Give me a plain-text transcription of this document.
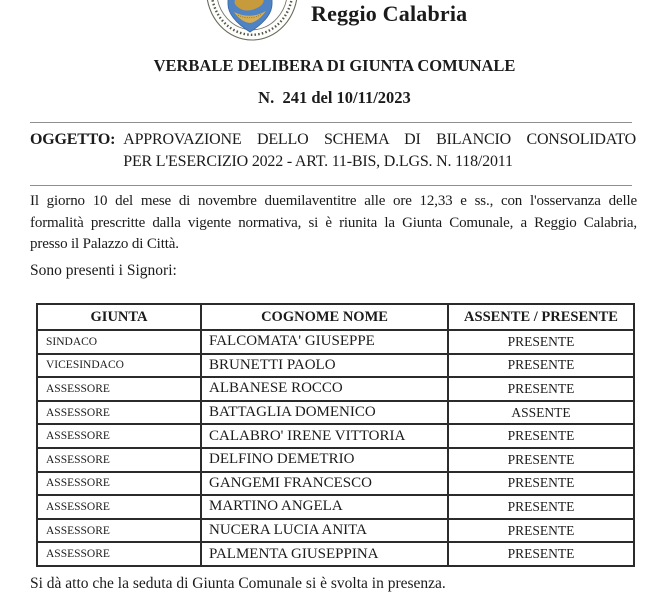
Reggio Calabria
VERBALE DELIBERA DI GIUNTA COMUNALE
N.  241 del 10/11/2023
OGGETTO: APPROVAZIONE DELLO SCHEMA DI BILANCIO CONSOLIDATO
PER L'ESERCIZIO 2022 - ART. 11-BIS, D.LGS. N. 118/2011
Il giorno 10 del mese di novembre duemilaventitre alle ore 12,33 e ss., con l'osservanza delle
formalità prescritte dalla vigente normativa, si è riunita la Giunta Comunale, a Reggio Calabria,
presso il Palazzo di Città.

Sono presenti i Signori:

GIUNTA	COGNOME NOME	ASSENTE / PRESENTE
SINDACO	FALCOMATA' GIUSEPPE	PRESENTE
VICESINDACO	BRUNETTI PAOLO	PRESENTE
ASSESSORE	ALBANESE ROCCO	PRESENTE
ASSESSORE	BATTAGLIA DOMENICO	ASSENTE
ASSESSORE	CALABRO' IRENE VITTORIA	PRESENTE
ASSESSORE	DELFINO DEMETRIO	PRESENTE
ASSESSORE	GANGEMI FRANCESCO	PRESENTE
ASSESSORE	MARTINO ANGELA	PRESENTE
ASSESSORE	NUCERA LUCIA ANITA	PRESENTE
ASSESSORE	PALMENTA GIUSEPPINA	PRESENTE

Si dà atto che la seduta di Giunta Comunale si è svolta in presenza.
